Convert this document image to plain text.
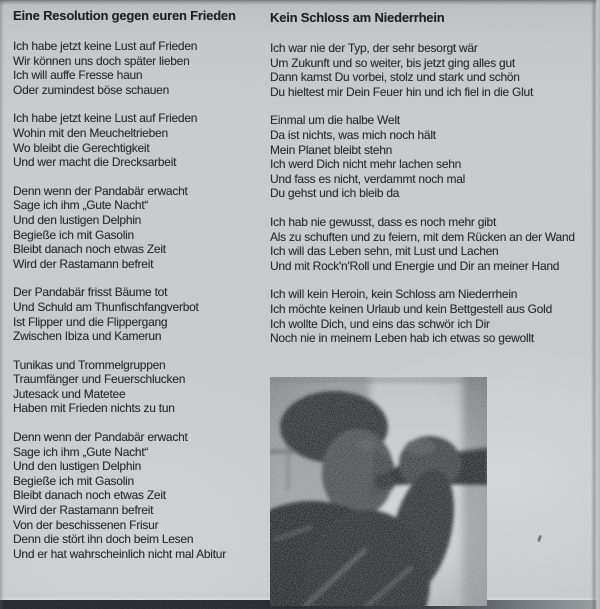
Eine Resolution gegen euren Frieden
Ich habe jetzt keine Lust auf Frieden
Wir können uns doch später lieben
Ich will auffe Fresse haun
Oder zumindest böse schauen
Ich habe jetzt keine Lust auf Frieden
Wohin mit den Meucheltrieben
Wo bleibt die Gerechtigkeit
Und wer macht die Drecksarbeit
Denn wenn der Pandabär erwacht
Sage ich ihm „Gute Nacht“
Und den lustigen Delphin
Begieße ich mit Gasolin
Bleibt danach noch etwas Zeit
Wird der Rastamann befreit
Der Pandabär frisst Bäume tot
Und Schuld am Thunfischfangverbot
Ist Flipper und die Flippergang
Zwischen Ibiza und Kamerun
Tunikas und Trommelgruppen
Traumfänger und Feuerschlucken
Jutesack und Matetee
Haben mit Frieden nichts zu tun
Denn wenn der Pandabär erwacht
Sage ich ihm „Gute Nacht“
Und den lustigen Delphin
Begieße ich mit Gasolin
Bleibt danach noch etwas Zeit
Wird der Rastamann befreit
Von der beschissenen Frisur
Denn die stört ihn doch beim Lesen
Und er hat wahrscheinlich nicht mal Abitur
Kein Schloss am Niederrhein
Ich war nie der Typ, der sehr besorgt wär
Um Zukunft und so weiter, bis jetzt ging alles gut
Dann kamst Du vorbei, stolz und stark und schön
Du hieltest mir Dein Feuer hin und ich fiel in die Glut
Einmal um die halbe Welt
Da ist nichts, was mich noch hält
Mein Planet bleibt stehn
Ich werd Dich nicht mehr lachen sehn
Und fass es nicht, verdammt noch mal
Du gehst und ich bleib da
Ich hab nie gewusst, dass es noch mehr gibt
Als zu schuften und zu feiern, mit dem Rücken an der Wand
Ich will das Leben sehn, mit Lust und Lachen
Und mit Rock'n'Roll und Energie und Dir an meiner Hand
Ich will kein Heroin, kein Schloss am Niederrhein
Ich möchte keinen Urlaub und kein Bettgestell aus Gold
Ich wollte Dich, und eins das schwör ich Dir
Noch nie in meinem Leben hab ich etwas so gewollt
